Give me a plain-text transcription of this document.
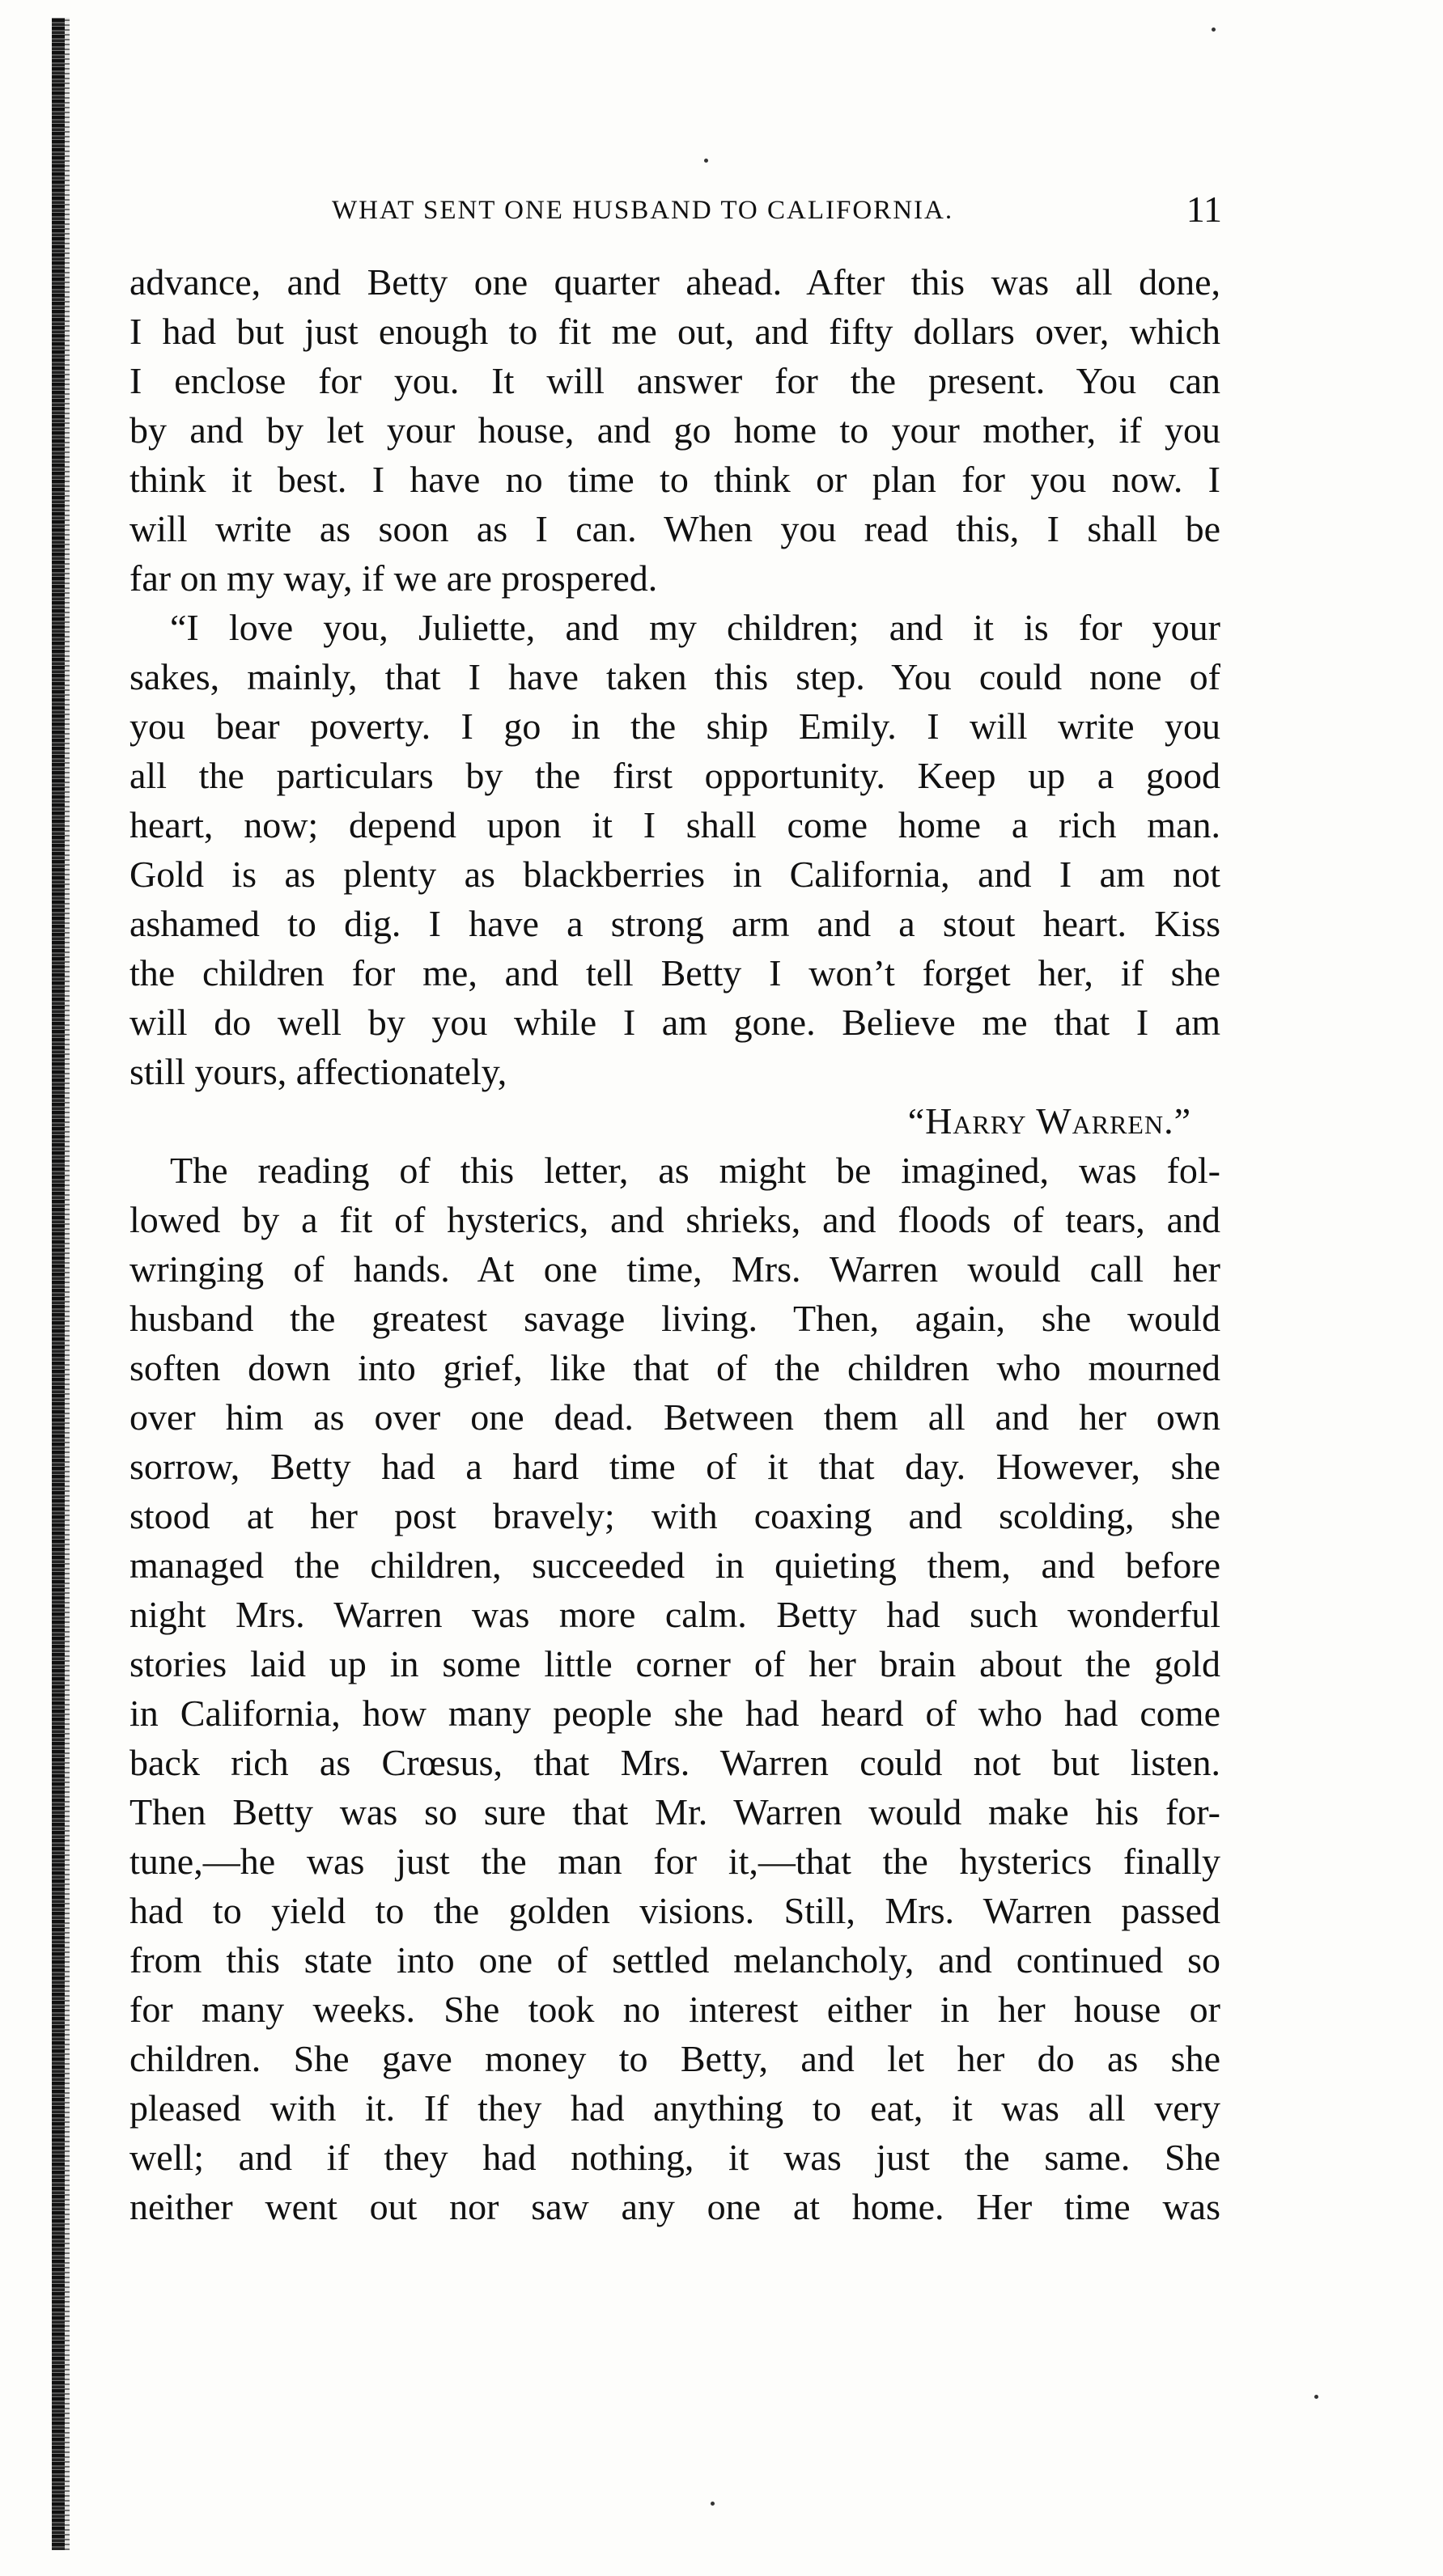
WHAT SENT ONE HUSBAND TO CALIFORNIA.	11
advance, and Betty one quarter ahead. After this was all done,
I had but just enough to fit me out, and fifty dollars over, which
I enclose for you. It will answer for the present. You can
by and by let your house, and go home to your mother, if you
think it best. I have no time to think or plan for you now. I
will write as soon as I can. When you read this, I shall be
far on my way, if we are prospered.
“I love you, Juliette, and my children; and it is for your
sakes, mainly, that I have taken this step. You could none of
you bear poverty. I go in the ship Emily. I will write you
all the particulars by the first opportunity. Keep up a good
heart, now; depend upon it I shall come home a rich man.
Gold is as plenty as blackberries in California, and I am not
ashamed to dig. I have a strong arm and a stout heart. Kiss
the children for me, and tell Betty I won’t forget her, if she
will do well by you while I am gone. Believe me that I am
still yours, affectionately,
“Harry Warren.”
The reading of this letter, as might be imagined, was fol-
lowed by a fit of hysterics, and shrieks, and floods of tears, and
wringing of hands. At one time, Mrs. Warren would call her
husband the greatest savage living. Then, again, she would
soften down into grief, like that of the children who mourned
over him as over one dead. Between them all and her own
sorrow, Betty had a hard time of it that day. However, she
stood at her post bravely; with coaxing and scolding, she
managed the children, succeeded in quieting them, and before
night Mrs. Warren was more calm. Betty had such wonderful
stories laid up in some little corner of her brain about the gold
in California, how many people she had heard of who had come
back rich as Crœsus, that Mrs. Warren could not but listen.
Then Betty was so sure that Mr. Warren would make his for-
tune,—he was just the man for it,—that the hysterics finally
had to yield to the golden visions. Still, Mrs. Warren passed
from this state into one of settled melancholy, and continued so
for many weeks. She took no interest either in her house or
children. She gave money to Betty, and let her do as she
pleased with it. If they had anything to eat, it was all very
well; and if they had nothing, it was just the same. She
neither went out nor saw any one at home. Her time was
